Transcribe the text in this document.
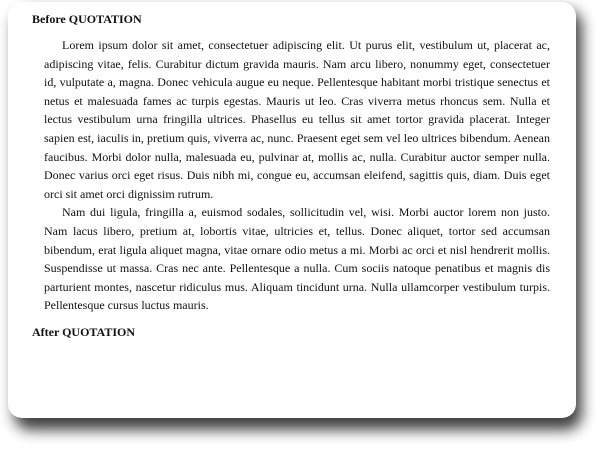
Before QUOTATION

Lorem ipsum dolor sit amet, consectetuer adipiscing elit. Ut purus elit, vestibulum ut, placerat ac, adipiscing vitae, felis. Curabitur dictum gravida mauris. Nam arcu libero, nonummy eget, consectetuer id, vulputate a, magna. Donec vehicula augue eu neque. Pellentesque habitant morbi tristique senectus et netus et malesuada fames ac turpis egestas. Mauris ut leo. Cras viverra metus rhoncus sem. Nulla et lectus vestibulum urna fringilla ultrices. Phasellus eu tellus sit amet tortor gravida placerat. Integer sapien est, iaculis in, pretium quis, viverra ac, nunc. Praesent eget sem vel leo ultrices bibendum. Aenean faucibus. Morbi dolor nulla, malesuada eu, pulvinar at, mollis ac, nulla. Curabitur auctor semper nulla. Donec varius orci eget risus. Duis nibh mi, congue eu, accumsan eleifend, sagittis quis, diam. Duis eget orci sit amet orci dignissim rutrum.

Nam dui ligula, fringilla a, euismod sodales, sollicitudin vel, wisi. Morbi auctor lorem non justo. Nam lacus libero, pretium at, lobortis vitae, ultricies et, tellus. Donec aliquet, tortor sed accumsan bibendum, erat ligula aliquet magna, vitae ornare odio metus a mi. Morbi ac orci et nisl hendrerit mollis. Suspendisse ut massa. Cras nec ante. Pellentesque a nulla. Cum sociis natoque penatibus et magnis dis parturient montes, nascetur ridiculus mus. Aliquam tincidunt urna. Nulla ullamcorper vestibulum turpis. Pellentesque cursus luctus mauris.

After QUOTATION
